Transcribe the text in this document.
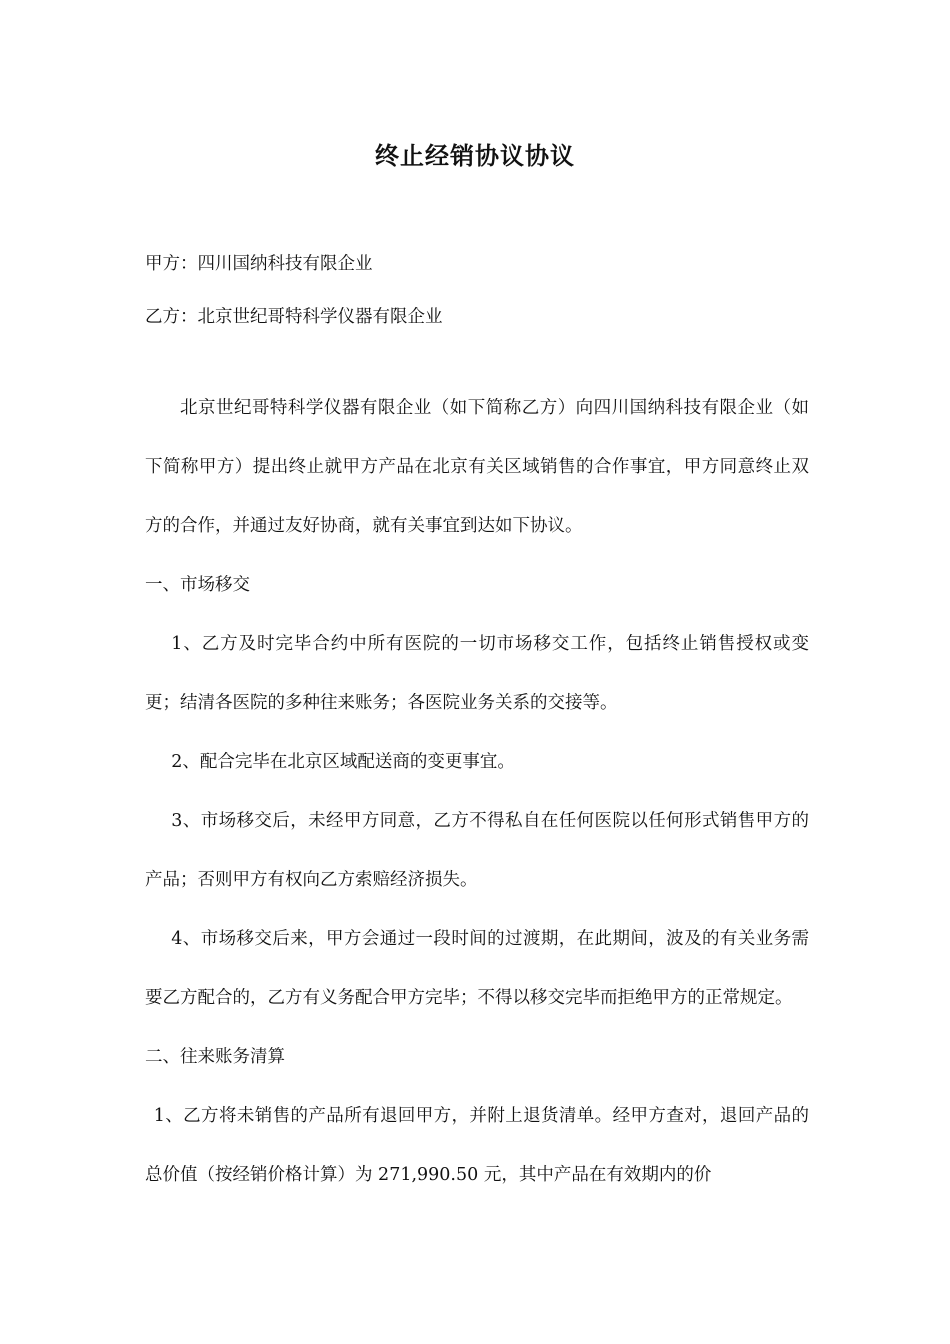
终止经销协议协议

甲方：四川国纳科技有限企业

乙方：北京世纪哥特科学仪器有限企业

北京世纪哥特科学仪器有限企业（如下简称乙方）向四川国纳科技有限企业（如下简称甲方）提出终止就甲方产品在北京有关区域销售的合作事宜，甲方同意终止双方的合作，并通过友好协商，就有关事宜到达如下协议。

一、市场移交

1、乙方及时完毕合约中所有医院的一切市场移交工作，包括终止销售授权或变更；结清各医院的多种往来账务；各医院业务关系的交接等。

2、配合完毕在北京区域配送商的变更事宜。

3、市场移交后，未经甲方同意，乙方不得私自在任何医院以任何形式销售甲方的产品；否则甲方有权向乙方索赔经济损失。

4、市场移交后来，甲方会通过一段时间的过渡期，在此期间，波及的有关业务需要乙方配合的，乙方有义务配合甲方完毕；不得以移交完毕而拒绝甲方的正常规定。

二、往来账务清算

1、乙方将未销售的产品所有退回甲方，并附上退货清单。经甲方查对，退回产品的总价值（按经销价格计算）为 271,990.50 元，其中产品在有效期内的价
